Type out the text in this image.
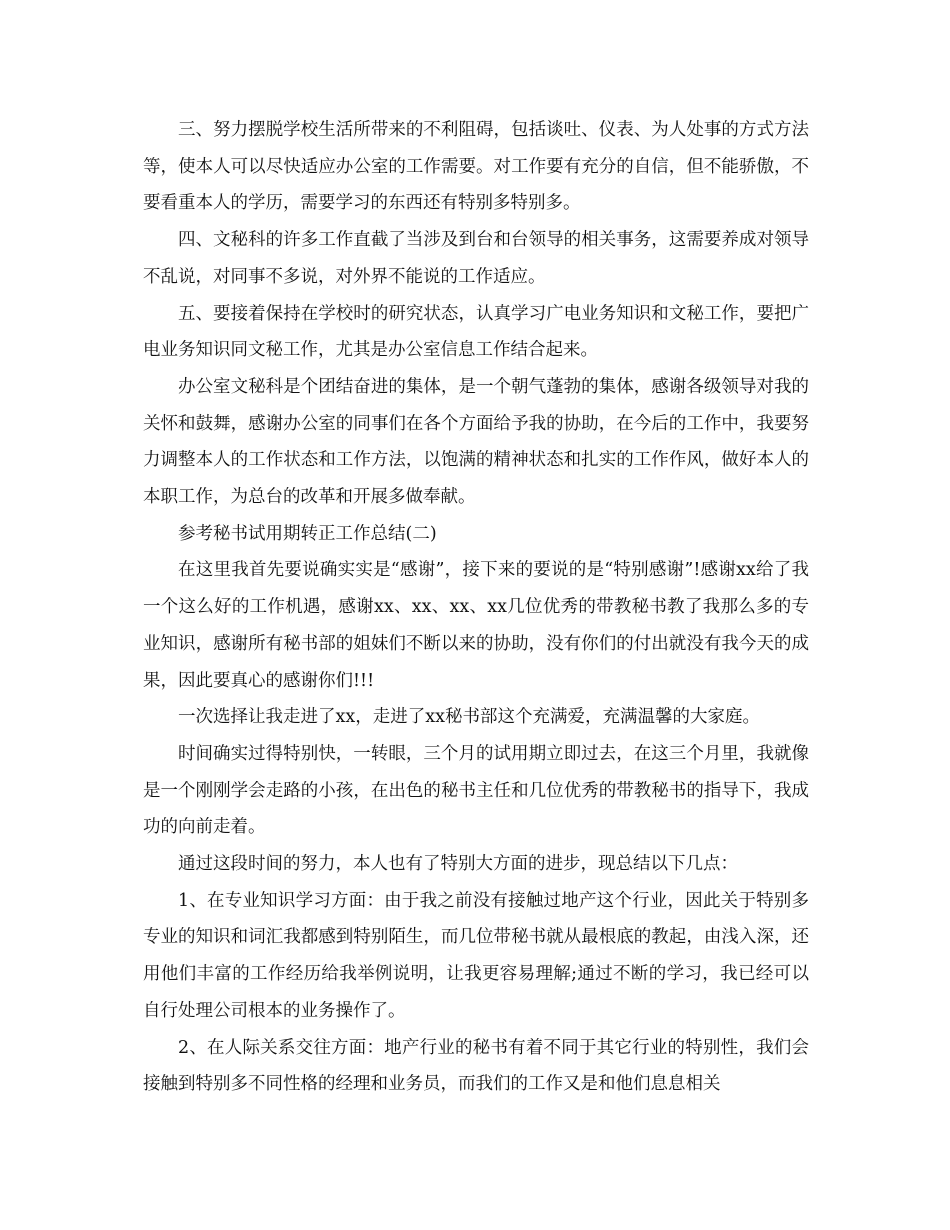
三、努力摆脱学校生活所带来的不利阻碍，包括谈吐、仪表、为人处事的方式方法等，使本人可以尽快适应办公室的工作需要。对工作要有充分的自信，但不能骄傲，不要看重本人的学历，需要学习的东西还有特别多特别多。

四、文秘科的许多工作直截了当涉及到台和台领导的相关事务，这需要养成对领导不乱说，对同事不多说，对外界不能说的工作适应。

五、要接着保持在学校时的研究状态，认真学习广电业务知识和文秘工作，要把广电业务知识同文秘工作，尤其是办公室信息工作结合起来。

办公室文秘科是个团结奋进的集体，是一个朝气蓬勃的集体，感谢各级领导对我的关怀和鼓舞，感谢办公室的同事们在各个方面给予我的协助，在今后的工作中，我要努力调整本人的工作状态和工作方法，以饱满的精神状态和扎实的工作作风，做好本人的本职工作，为总台的改革和开展多做奉献。

参考秘书试用期转正工作总结(二)

在这里我首先要说确实实是“感谢”，接下来的要说的是“特别感谢”!感谢xx给了我一个这么好的工作机遇，感谢xx、xx、xx、xx几位优秀的带教秘书教了我那么多的专业知识，感谢所有秘书部的姐妹们不断以来的协助，没有你们的付出就没有我今天的成果，因此要真心的感谢你们!!!

一次选择让我走进了xx，走进了xx秘书部这个充满爱，充满温馨的大家庭。

时间确实过得特别快，一转眼，三个月的试用期立即过去，在这三个月里，我就像是一个刚刚学会走路的小孩，在出色的秘书主任和几位优秀的带教秘书的指导下，我成功的向前走着。

通过这段时间的努力，本人也有了特别大方面的进步，现总结以下几点：

1、在专业知识学习方面：由于我之前没有接触过地产这个行业，因此关于特别多专业的知识和词汇我都感到特别陌生，而几位带秘书就从最根底的教起，由浅入深，还用他们丰富的工作经历给我举例说明，让我更容易理解;通过不断的学习，我已经可以自行处理公司根本的业务操作了。

2、在人际关系交往方面：地产行业的秘书有着不同于其它行业的特别性，我们会接触到特别多不同性格的经理和业务员，而我们的工作又是和他们息息相关
